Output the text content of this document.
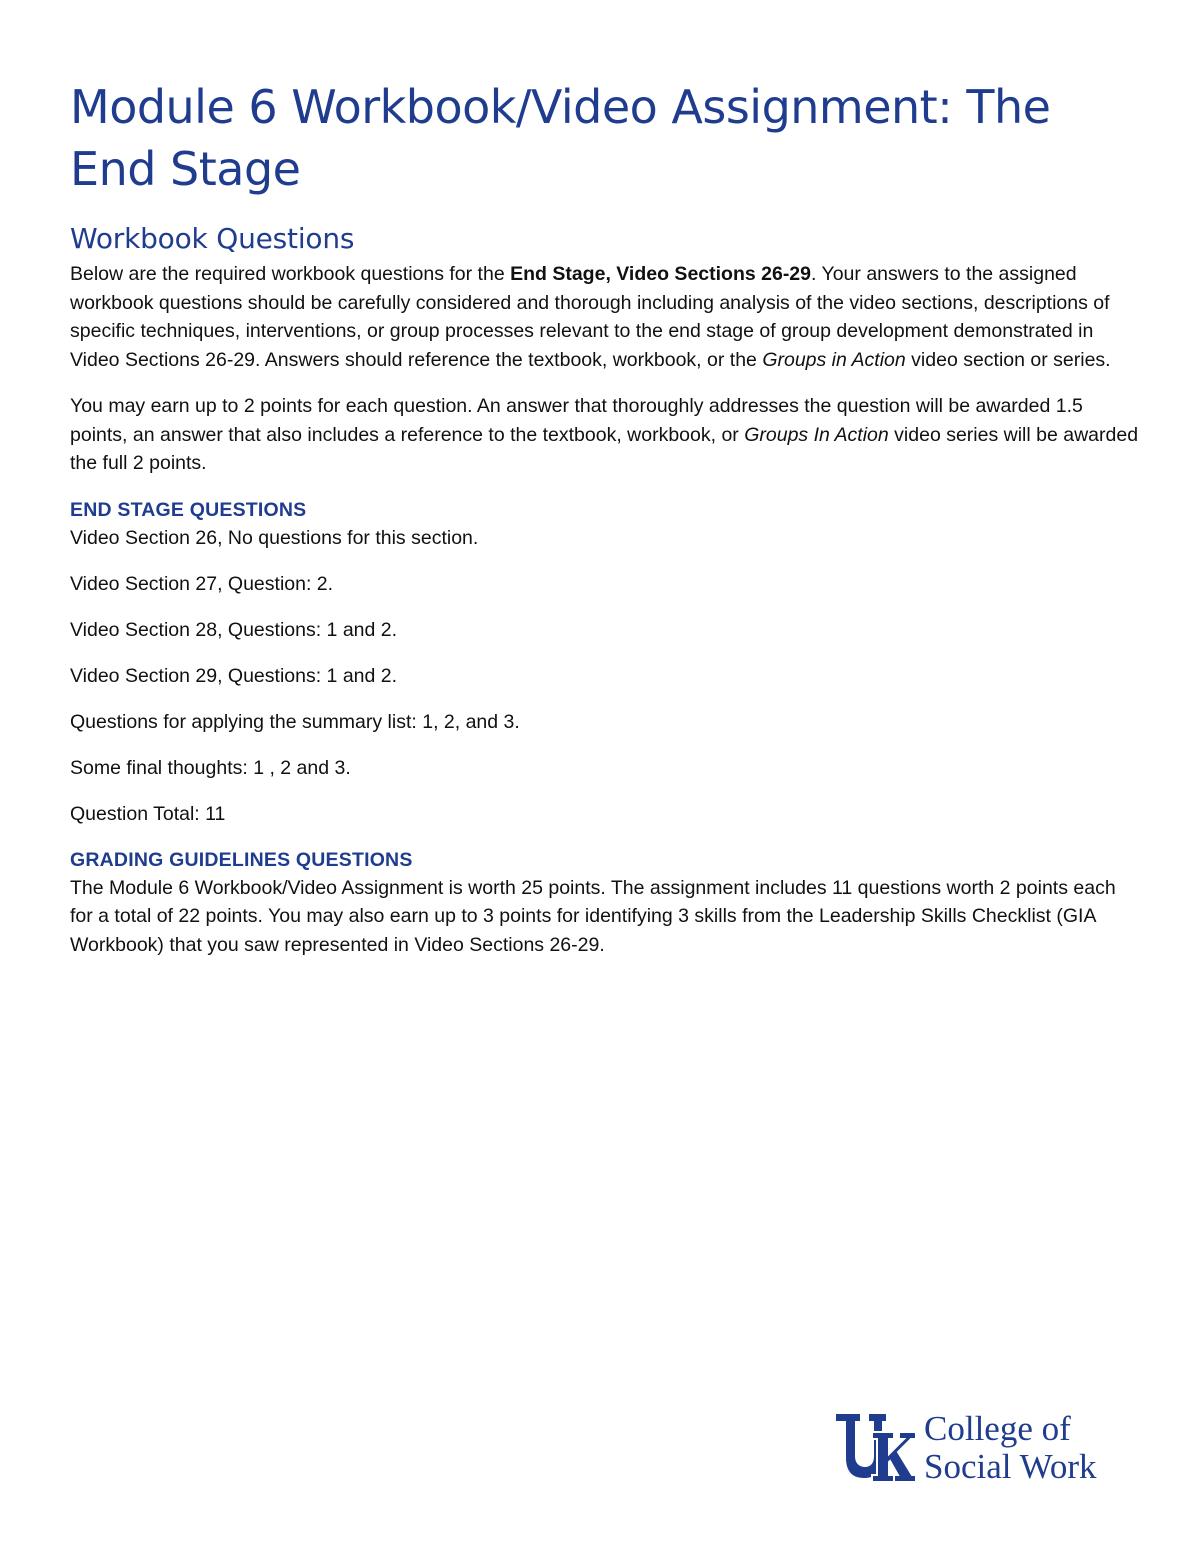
Module 6 Workbook/Video Assignment: The End Stage
Workbook Questions

Below are the required workbook questions for the End Stage, Video Sections 26-29. Your answers to the assigned workbook questions should be carefully considered and thorough including analysis of the video sections, descriptions of specific techniques, interventions, or group processes relevant to the end stage of group development demonstrated in Video Sections 26-29. Answers should reference the textbook, workbook, or the Groups in Action video section or series.

You may earn up to 2 points for each question. An answer that thoroughly addresses the question will be awarded 1.5 points, an answer that also includes a reference to the textbook, workbook, or Groups In Action video series will be awarded the full 2 points.

END STAGE QUESTIONS

Video Section 26, No questions for this section.

Video Section 27, Question: 2.

Video Section 28, Questions: 1 and 2.

Video Section 29, Questions: 1 and 2.

Questions for applying the summary list: 1, 2, and 3.

Some final thoughts: 1 , 2 and 3.

Question Total: 11

GRADING GUIDELINES QUESTIONS

The Module 6 Workbook/Video Assignment is worth 25 points. The assignment includes 11 questions worth 2 points each for a total of 22 points. You may also earn up to 3 points for identifying 3 skills from the Leadership Skills Checklist (GIA Workbook) that you saw represented in Video Sections 26-29.

College of
Social Work
